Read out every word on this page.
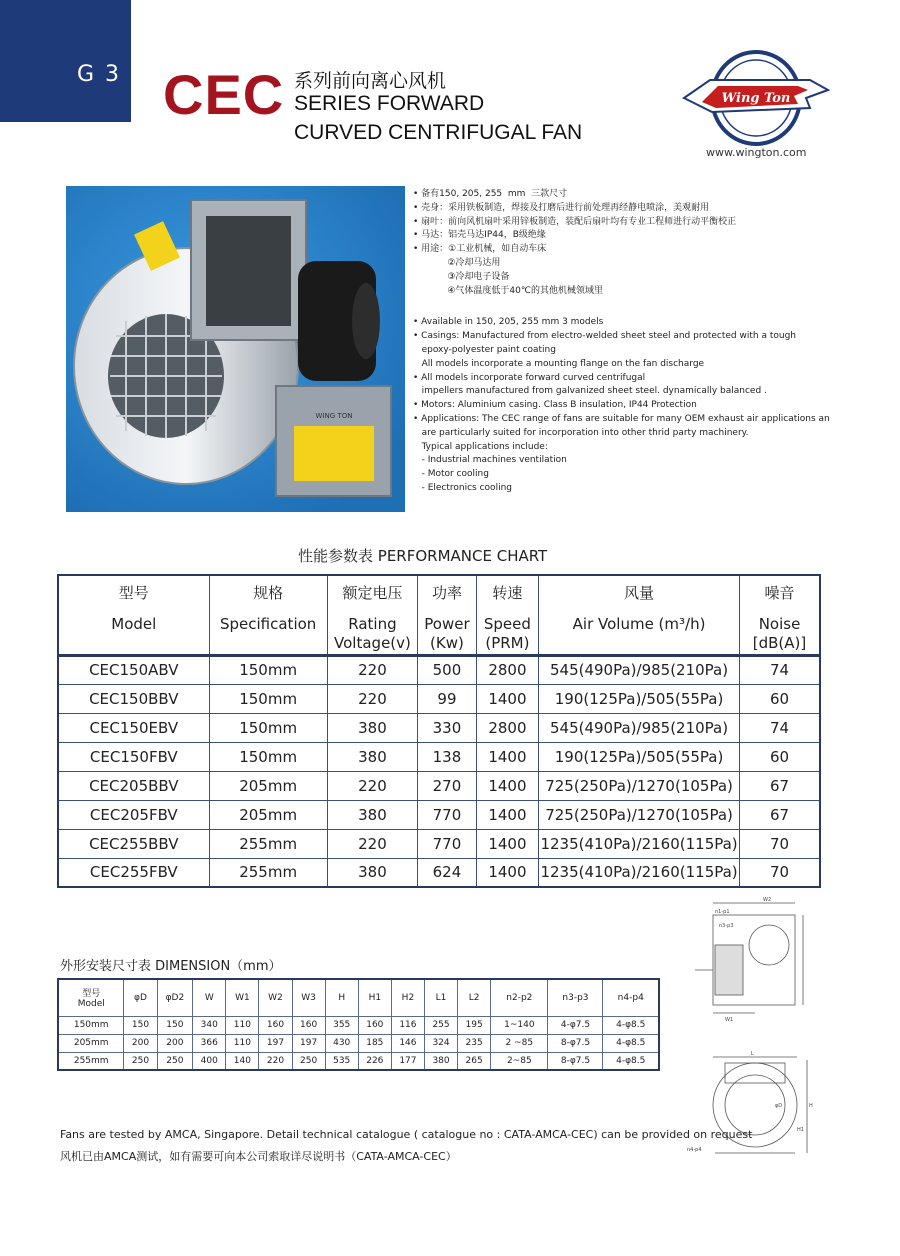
G 3 CEC 系列前向离心风机
SERIES FORWARD
CURVED CENTRIFUGAL FAN
Wing Ton
www.wington.com
WING TON
• 备有150, 205, 255  mm  三款尺寸
• 壳身：采用铁板制造，焊接及打磨后进行前处理再经静电喷涂，美观耐用
• 扇叶：前向风机扇叶采用锌板制造，装配后扇叶均有专业工程师进行动平衡校正
• 马达：铝壳马达IP44，B级绝缘
• 用途：①工业机械，如自动车床
②冷却马达用
③冷却电子设备
④气体温度低于40℃的其他机械领域里
• Available in 150, 205, 255 mm 3 models
• Casings: Manufactured from electro-welded sheet steel and protected with a tough
epoxy-polyester paint coating
All models incorporate a mounting flange on the fan discharge
• All models incorporate forward curved centrifugal
impellers manufactured from galvanized sheet steel. dynamically balanced .
• Motors: Aluminium casing. Class B insulation, IP44 Protection
• Applications: The CEC range of fans are suitable for many OEM exhaust air applications an
are particularly suited for incorporation into other thrid party machinery.
Typical applications include:
- Industrial machines ventilation
- Motor cooling
- Electronics cooling
性能参数表 PERFORMANCE CHART
型号
Model	规格
Specification	额定电压
Rating
Voltage(v)	功率
Power
(Kw)	转速
Speed
(PRM)	风量
Air Volume (m³/h)	噪音
Noise
[dB(A)]

CEC150ABV	150mm	220	500	2800	545(490Pa)/985(210Pa)	74
CEC150BBV	150mm	220	99	1400	190(125Pa)/505(55Pa)	60
CEC150EBV	150mm	380	330	2800	545(490Pa)/985(210Pa)	74
CEC150FBV	150mm	380	138	1400	190(125Pa)/505(55Pa)	60
CEC205BBV	205mm	220	270	1400	725(250Pa)/1270(105Pa)	67
CEC205FBV	205mm	380	770	1400	725(250Pa)/1270(105Pa)	67
CEC255BBV	255mm	220	770	1400	1235(410Pa)/2160(115Pa)	70
CEC255FBV	255mm	380	624	1400	1235(410Pa)/2160(115Pa)	70
外形安装尺寸表 DIMENSION（mm）
型号
Model	φD	φD2	W	W1	W2	W3	H	H1	H2	L1	L2	n2-p2	n3-p3	n4-p4
150mm	150	150	340	110	160	160	355	160	116	255	195	1~140	4-φ7.5	4-φ8.5
205mm	200	200	366	110	197	197	430	185	146	324	235	2 ~85	8-φ7.5	4-φ8.5
255mm	250	250	400	140	220	250	535	226	177	380	265	2~85	8-φ7.5	4-φ8.5
n1-p1
n3-p3
W2
W1
L
n4-p4
H
H1
φD
Fans are tested by AMCA, Singapore. Detail technical catalogue ( catalogue no : CATA-AMCA-CEC) can be provided on request
风机已由AMCA测试，如有需要可向本公司索取详尽说明书（CATA-AMCA-CEC）
